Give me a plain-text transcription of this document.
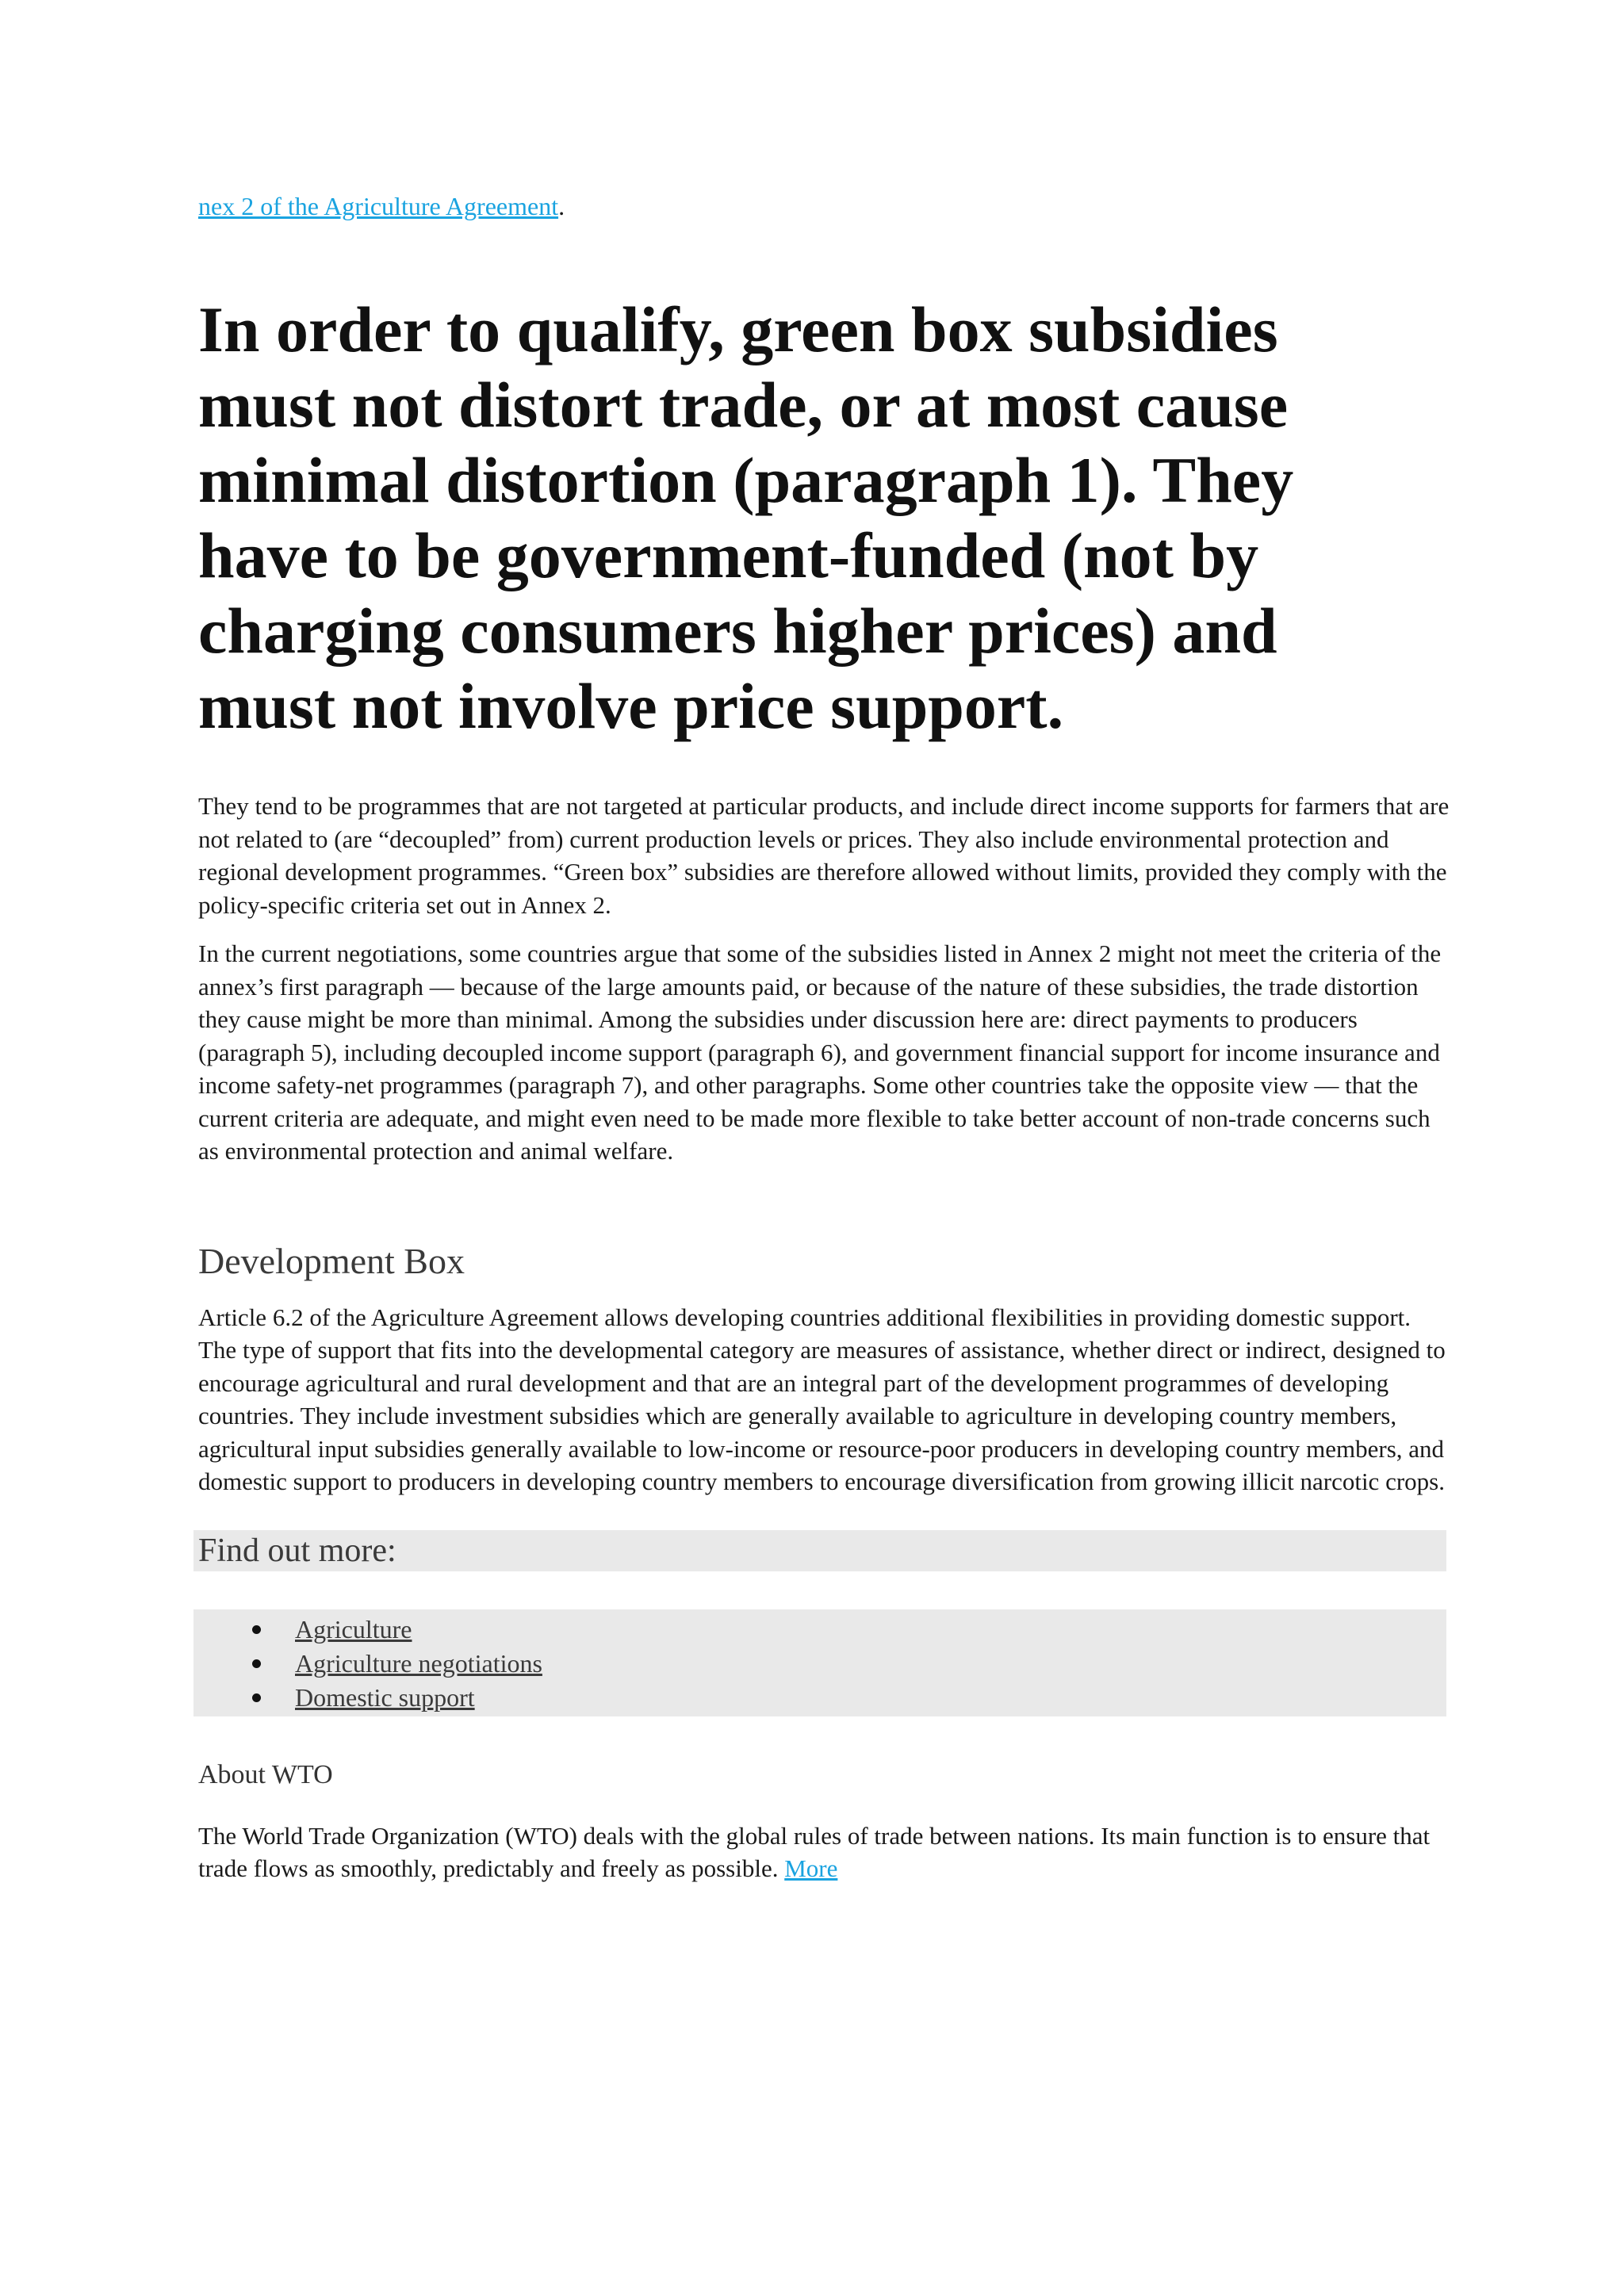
nex 2 of the Agriculture Agreement.

In order to qualify, green box subsidies must not distort trade, or at most cause minimal distortion (paragraph 1). They have to be government-funded (not by charging consumers higher prices) and must not involve price support.

They tend to be programmes that are not targeted at particular products, and include direct income supports for farmers that are not related to (are “decoupled” from) current production levels or prices. They also include environmental protection and regional development programmes. “Green box” subsidies are therefore allowed without limits, provided they comply with the policy-specific criteria set out in Annex 2.

In the current negotiations, some countries argue that some of the subsidies listed in Annex 2 might not meet the criteria of the annex’s first paragraph — because of the large amounts paid, or because of the nature of these subsidies, the trade distortion they cause might be more than minimal. Among the subsidies under discussion here are: direct payments to producers (paragraph 5), including decoupled income support (paragraph 6), and government financial support for income insurance and income safety-net programmes (paragraph 7), and other paragraphs. Some other countries take the opposite view — that the current criteria are adequate, and might even need to be made more flexible to take better account of non-trade concerns such as environmental protection and animal welfare.

Development Box

Article 6.2 of the Agriculture Agreement allows developing countries additional flexibilities in providing domestic support. The type of support that fits into the developmental category are measures of assistance, whether direct or indirect, designed to encourage agricultural and rural development and that are an integral part of the development programmes of developing countries. They include investment subsidies which are generally available to agriculture in developing country members, agricultural input subsidies generally available to low-income or resource-poor producers in developing country members, and domestic support to producers in developing country members to encourage diversification from growing illicit narcotic crops.

Find out more:
Agriculture
Agriculture negotiations
Domestic support

About WTO

The World Trade Organization (WTO) deals with the global rules of trade between nations. Its main function is to ensure that trade flows as smoothly, predictably and freely as possible. More
